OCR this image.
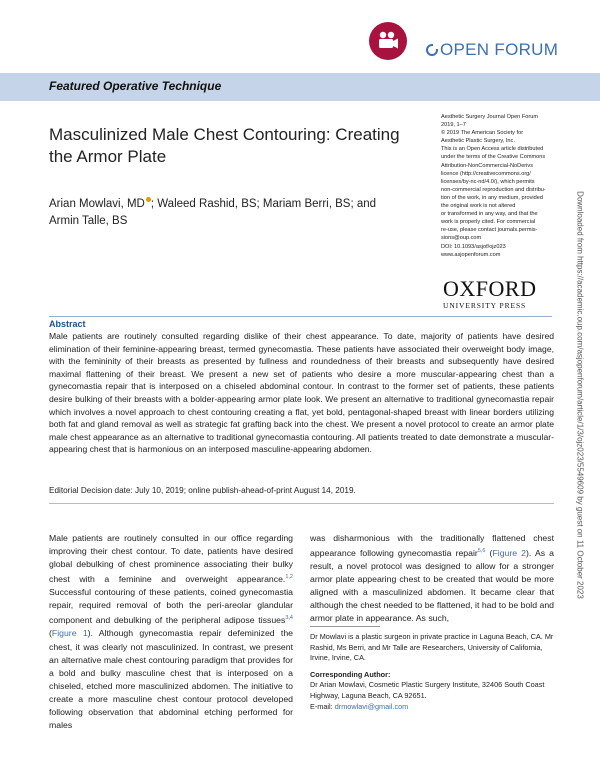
OPEN FORUM
Featured Operative Technique
Masculinized Male Chest Contouring: Creating the Armor Plate
Arian Mowlavi, MD ; Waleed Rashid, BS; Mariam Berri, BS; and Armin Talle, BS

Aesthetic Surgery Journal Open Forum

2019, 1–7

© 2019 The American Society for

Aesthetic Plastic Surgery, Inc.

This is an Open Access article distributed

under the terms of the Creative Commons

Attribution-NonCommercial-NoDerivs

licence (http://creativecommons.org/

licenses/by-nc-nd/4.0/), which permits

non-commercial reproduction and distribu-

tion of the work, in any medium, provided

the original work is not altered

or transformed in any way, and that the

work is properly cited. For commercial

re-use, please contact journals.permis-

sions@oup.com

DOI: 10.1093/asjof/ojz023

www.asjopenforum.com

OXFORD
UNIVERSITY PRESS	Downloaded from https://academic.oup.com/asjopenforum/article/1/3/ojz023/5549609 by guest on 11 October 2023
Abstract
Male patients are routinely consulted regarding dislike of their chest appearance. To date, majority of patients have desired elimination of their feminine-appearing breast, termed gynecomastia. These patients have associated their overweight body image, with the femininity of their breasts as presented by fullness and roundedness of their breasts and subsequently have desired maximal flattening of their breast. We present a new set of patients who desire a more muscular-appearing chest than a gynecomastia repair that is interposed on a chiseled abdominal contour. In contrast to the former set of patients, these patients desire bulking of their breasts with a bolder-appearing armor plate look. We present an alternative to traditional gynecomastia repair which involves a novel approach to chest contouring creating a flat, yet bold, pentagonal-shaped breast with linear borders utilizing both fat and gland removal as well as strategic fat grafting back into the chest. We present a novel protocol to create an armor plate male chest appearance as an alternative to traditional gynecomastia contouring. All patients treated to date demonstrate a muscular-appearing chest that is harmonious on an interposed masculine-appearing abdomen.
Editorial Decision date: July 10, 2019; online publish-ahead-of-print August 14, 2019.

Male patients are routinely consulted in our office regarding improving their chest contour. To date, patients have desired global debulking of chest prominence associating their bulky chest with a feminine and overweight appearance.$^{1,2}$ Successful contouring of these patients, coined gynecomastia repair, required removal of both the peri-areolar glandular component and debulking of the peripheral adipose tissues$^{3,4}$ (Figure 1). Although gynecomastia repair defeminized the chest, it was clearly not masculinized. In contrast, we present an alternative male chest contouring paradigm that provides for a bold and bulky masculine chest that is interposed on a chiseled, etched more masculinized abdomen. The initiative to create a more masculine chest contour protocol developed following observation that abdominal etching performed for males

was disharmonious with the traditionally flattened chest appearance following gynecomastia repair$^{5,6}$ (Figure 2). As a result, a novel protocol was designed to allow for a stronger armor plate appearing chest to be created that would be more aligned with a masculinized abdomen. It became clear that although the chest needed to be flattened, it had to be bold and armor plate in appearance. As such,

Dr Mowlavi is a plastic surgeon in private practice in Laguna Beach, CA. Mr Rashid, Ms Berri, and Mr Talle are Researchers, University of California, Irvine, Irvine, CA.

Corresponding Author:

Dr Arian Mowlavi, Cosmetic Plastic Surgery Institute, 32406 South Coast Highway, Laguna Beach, CA 92651.

E-mail: drmowlavi@gmail.com
